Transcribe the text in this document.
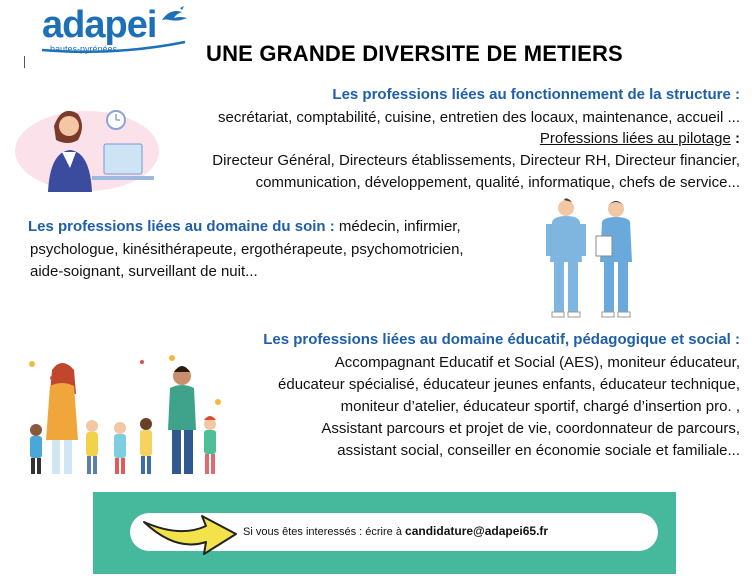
adapei
hautes-pyrénées	UNE GRANDE DIVERSITE DE METIERS
Les professions liées au fonctionnement de la structure :
secrétariat, comptabilité, cuisine, entretien des locaux, maintenance, accueil ...
Professions liées au pilotage :
Directeur Général, Directeurs établissements, Directeur RH, Directeur financier,
communication, développement, qualité, informatique, chefs de service...
Les professions liées au domaine du soin : médecin, infirmier,
psychologue, kinésithérapeute, ergothérapeute, psychomotricien,
aide-soignant, surveillant de nuit...
Les professions liées au domaine éducatif, pédagogique et social :
Accompagnant Educatif et Social (AES), moniteur éducateur,
éducateur spécialisé, éducateur jeunes enfants, éducateur technique,
moniteur d’atelier, éducateur sportif, chargé d’insertion pro. ,
Assistant parcours et projet de vie, coordonnateur de parcours,
assistant social, conseiller en économie sociale et familiale...
Si vous êtes interessés : écrire à candidature@adapei65.fr
